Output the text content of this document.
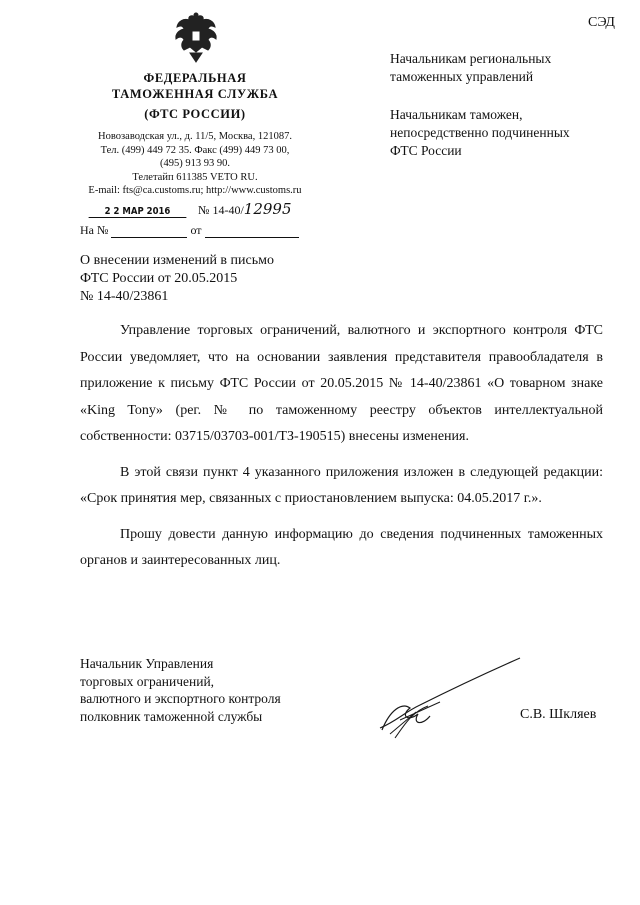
ФЕДЕРАЛЬНАЯ
ТАМОЖЕННАЯ СЛУЖБА
(ФТС РОССИИ)
Новозаводская ул., д. 11/5, Москва, 121087.
Тел. (499) 449 72 35. Факс (499) 449 73 00,
(495) 913 93 90.
Телетайп 611385 VETO RU.
E-mail: fts@ca.customs.ru; http://www.customs.ru
2 2 МАР 2016 № 14-40/12995
На №	от
СЭД
Начальникам региональных
таможенных управлений
Начальникам таможен,
непосредственно подчиненных
ФТС России
О внесении изменений в письмо
ФТС России от 20.05.2015
№ 14-40/23861

Управление торговых ограничений, валютного и экспортного контроля ФТС России уведомляет, что на основании заявления представителя правообладателя в приложение к письму ФТС России от 20.05.2015 № 14-40/23861 «О товарном знаке «King Tony» (рег. № по таможенному реестру объектов интеллектуальной собственности: 03715/03703-001/ТЗ-190515) внесены изменения.

В этой связи пункт 4 указанного приложения изложен в следующей редакции: «Срок принятия мер, связанных с приостановлением выпуска: 04.05.2017 г.».

Прошу довести данную информацию до сведения подчиненных таможенных органов и заинтересованных лиц.

Начальник Управления
торговых ограничений,
валютного и экспортного контроля
полковник таможенной службы	С.В. Шкляев
